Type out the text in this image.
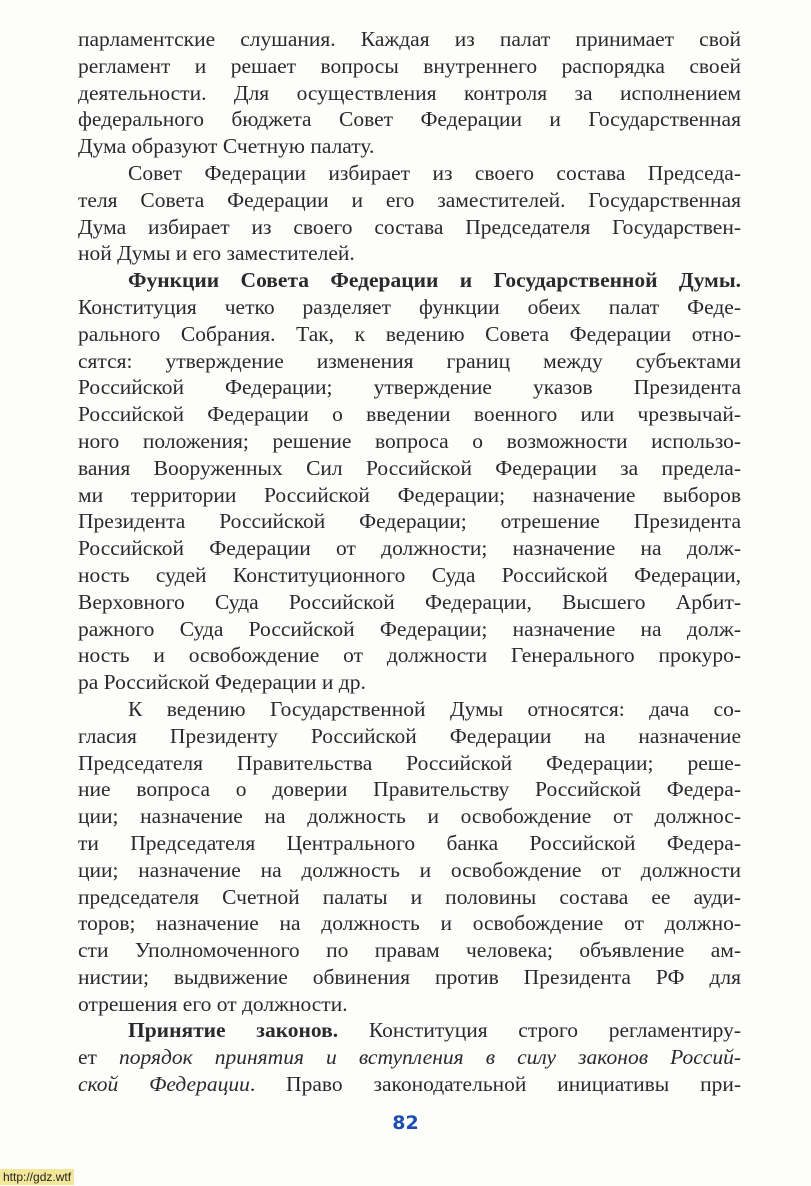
парламентские слушания. Каждая из палат принимает свой
регламент и решает вопросы внутреннего распорядка своей
деятельности. Для осуществления контроля за исполнением
федерального бюджета Совет Федерации и Государственная
Дума образуют Счетную палату.
Совет Федерации избирает из своего состава Председа-
теля Совета Федерации и его заместителей. Государственная
Дума избирает из своего состава Председателя Государствен-
ной Думы и его заместителей.
Функции Совета Федерации и Государственной Думы.
Конституция четко разделяет функции обеих палат Феде-
рального Собрания. Так, к ведению Совета Федерации отно-
сятся: утверждение изменения границ между субъектами
Российской Федерации; утверждение указов Президента
Российской Федерации о введении военного или чрезвычай-
ного положения; решение вопроса о возможности использо-
вания Вооруженных Сил Российской Федерации за предела-
ми территории Российской Федерации; назначение выборов
Президента Российской Федерации; отрешение Президента
Российской Федерации от должности; назначение на долж-
ность судей Конституционного Суда Российской Федерации,
Верховного Суда Российской Федерации, Высшего Арбит-
ражного Суда Российской Федерации; назначение на долж-
ность и освобождение от должности Генерального прокуро-
ра Российской Федерации и др.
К ведению Государственной Думы относятся: дача со-
гласия Президенту Российской Федерации на назначение
Председателя Правительства Российской Федерации; реше-
ние вопроса о доверии Правительству Российской Федера-
ции; назначение на должность и освобождение от должнос-
ти Председателя Центрального банка Российской Федера-
ции; назначение на должность и освобождение от должности
председателя Счетной палаты и половины состава ее ауди-
торов; назначение на должность и освобождение от должно-
сти Уполномоченного по правам человека; объявление ам-
нистии; выдвижение обвинения против Президента РФ для
отрешения его от должности.
Принятие законов. Конституция строго регламентиру-
ет порядок принятия и вступления в силу законов Россий-
ской Федерации. Право законодательной инициативы при-
82
http://gdz.wtf
